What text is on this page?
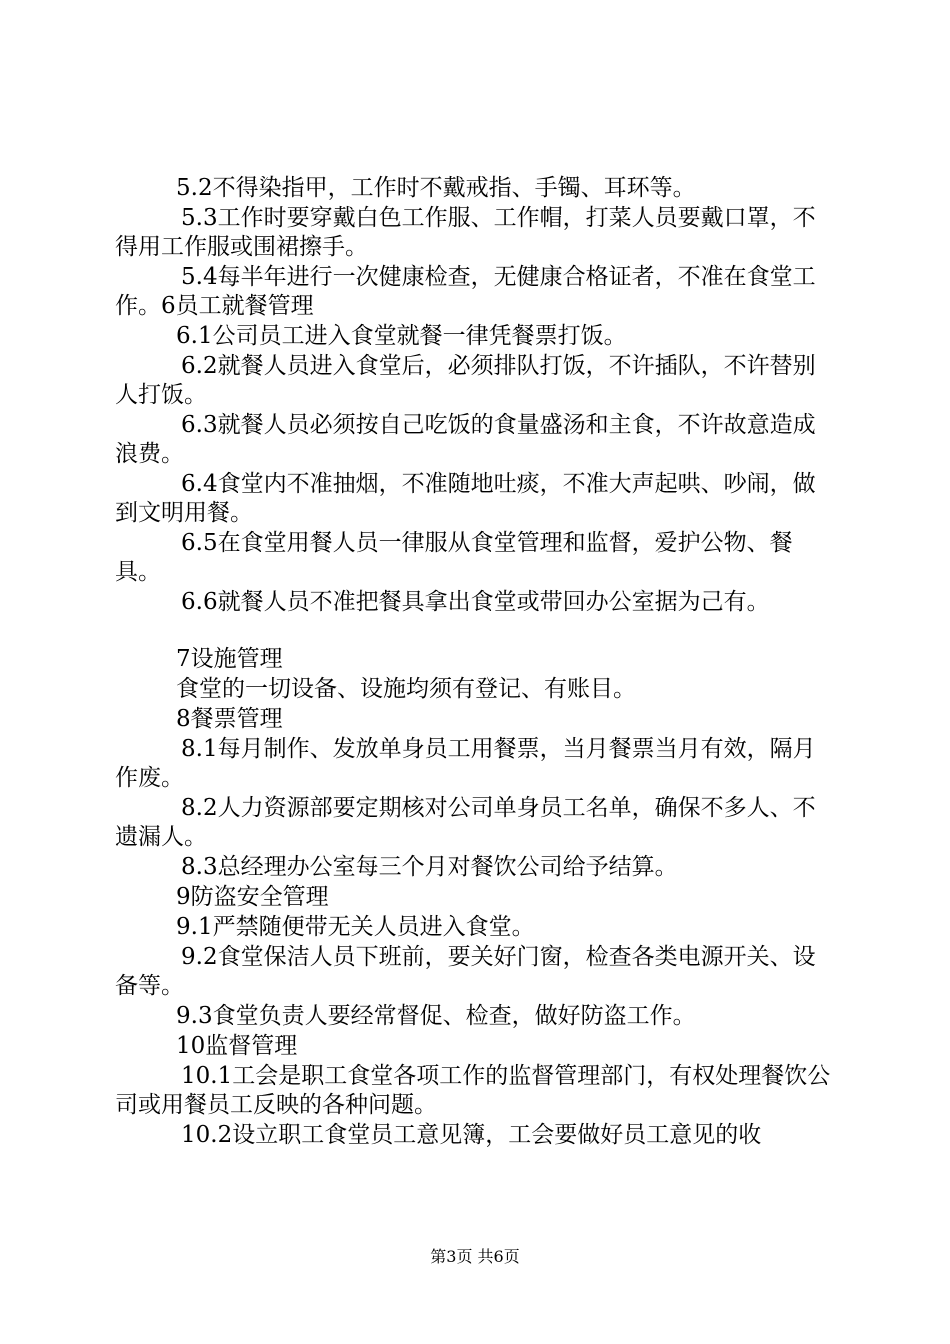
5.2不得染指甲，工作时不戴戒指、手镯、耳环等。

5.3工作时要穿戴白色工作服、工作帽，打菜人员要戴口罩，不得用工作服或围裙擦手。

5.4每半年进行一次健康检查，无健康合格证者，不准在食堂工作。6员工就餐管理

6.1公司员工进入食堂就餐一律凭餐票打饭。

6.2就餐人员进入食堂后，必须排队打饭，不许插队，不许替别人打饭。

6.3就餐人员必须按自己吃饭的食量盛汤和主食，不许故意造成浪费。

6.4食堂内不准抽烟，不准随地吐痰，不准大声起哄、吵闹，做到文明用餐。

6.5在食堂用餐人员一律服从食堂管理和监督，爱护公物、餐具。

6.6就餐人员不准把餐具拿出食堂或带回办公室据为己有。

7设施管理

食堂的一切设备、设施均须有登记、有账目。

8餐票管理

8.1每月制作、发放单身员工用餐票，当月餐票当月有效，隔月作废。

8.2人力资源部要定期核对公司单身员工名单，确保不多人、不遗漏人。

8.3总经理办公室每三个月对餐饮公司给予结算。

9防盗安全管理

9.1严禁随便带无关人员进入食堂。

9.2食堂保洁人员下班前，要关好门窗，检查各类电源开关、设备等。

9.3食堂负责人要经常督促、检查，做好防盗工作。

10监督管理

10.1工会是职工食堂各项工作的监督管理部门，有权处理餐饮公司或用餐员工反映的各种问题。

10.2设立职工食堂员工意见簿，工会要做好员工意见的收

第3页 共6页
